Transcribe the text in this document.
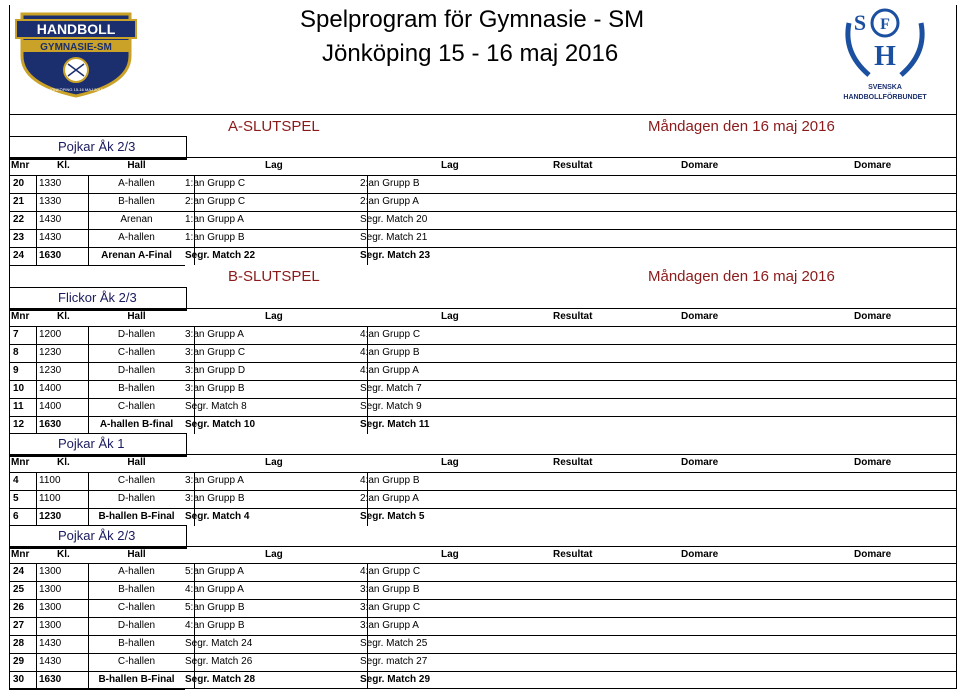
HANDBOLL
GYMNASIE-SM
JÖNKÖPING 15-16 MAJ 2016
Spelprogram för Gymnasie - SM
Jönköping 15 - 16 maj 2016
F
S
H
SVENSKA
HANDBOLLFÖRBUNDET
A-SLUTSPEL	Måndagen den 16 maj 2016
Pojkar Åk 2/3
Mnr	Kl.	Hall	Lag	Lag	Resultat	Domare	Domare
20 1330	A-hallen	1:an Grupp C	2:an Grupp B
21 1330	B-hallen	2:an Grupp C	2:an Grupp A
22 1430	Arenan	1:an Grupp A	Segr. Match 20
23 1430	A-hallen	1:an Grupp B	Segr. Match 21
24 1630	Arenan A-Final	Segr. Match 22	Segr. Match 23
B-SLUTSPEL	Måndagen den 16 maj 2016
Flickor Åk 2/3
Mnr	Kl.	Hall	Lag	Lag	Resultat	Domare	Domare
7 1200	D-hallen	3:an Grupp A	4:an Grupp C
8 1230	C-hallen	3:an Grupp C	4:an Grupp B
9 1230	D-hallen	3:an Grupp D	4:an Grupp A
10 1400	B-hallen	3:an Grupp B	Segr. Match 7
11 1400	C-hallen	Segr. Match 8	Segr. Match 9
12 1630	A-hallen B-final	Segr. Match 10	Segr. Match 11
Pojkar Åk 1
Mnr	Kl.	Hall	Lag	Lag	Resultat	Domare	Domare
4 1100	C-hallen	3:an Grupp A	4:an Grupp B
5 1100	D-hallen	3:an Grupp B	2:an Grupp A
6 1230	B-hallen B-Final	Segr. Match 4	Segr. Match 5
Pojkar Åk 2/3
Mnr	Kl.	Hall	Lag	Lag	Resultat	Domare	Domare
24 1300	A-hallen	5:an Grupp A	4:an Grupp C
25 1300	B-hallen	4:an Grupp A	3:an Grupp B
26 1300	C-hallen	5:an Grupp B	3:an Grupp C
27 1300	D-hallen	4:an Grupp B	3:an Grupp A
28 1430	B-hallen	Segr. Match 24	Segr. Match 25
29 1430	C-hallen	Segr. Match 26	Segr. match 27
30 1630	B-hallen B-Final	Segr. Match 28	Segr. Match 29
